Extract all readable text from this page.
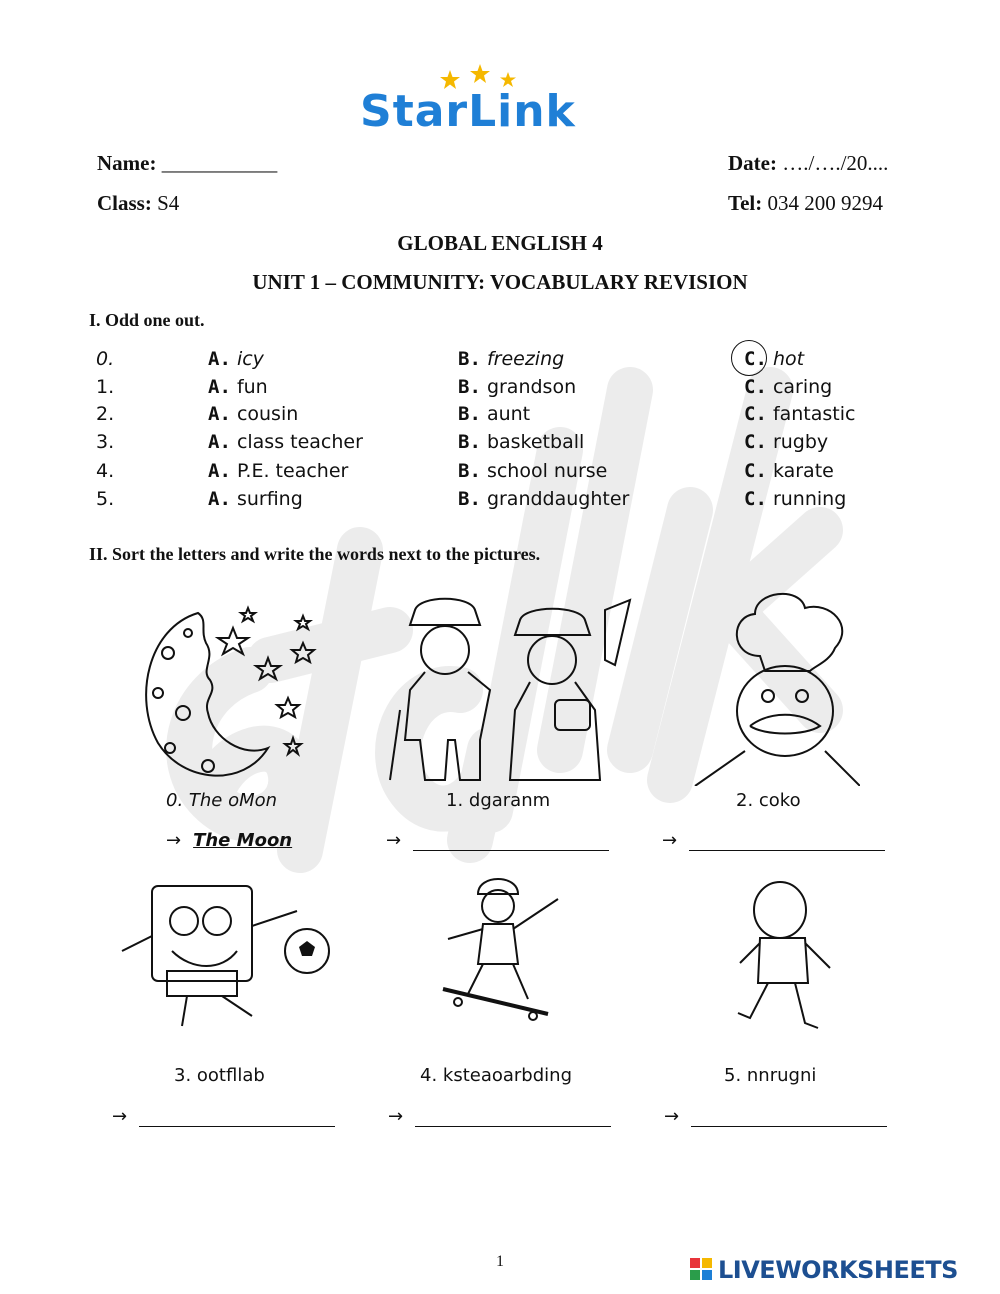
StarLink
Name: ___________	Date: …./…./20....
Class: S4	Tel: 034 200 9294
GLOBAL ENGLISH 4
UNIT 1 – COMMUNITY: VOCABULARY REVISION
I. Odd one out.
0.	A. icy	B. freezing	C. hot
1.	A. fun	B. grandson	C. caring
2.	A. cousin	B. aunt	C. fantastic
3.	A. class teacher	B. basketball	C. rugby
4.	A. P.E. teacher	B. school nurse	C. karate
5.	A. surfing	B. granddaughter	C. running
II. Sort the letters and write the words next to the pictures.
0. The oMon
→ The Moon
1. dgaranm
→
2. coko
→
3. ootfllab
→
4. ksteaoarbding
→
5. nnrugni
→
1	LIVEWORKSHEETS
